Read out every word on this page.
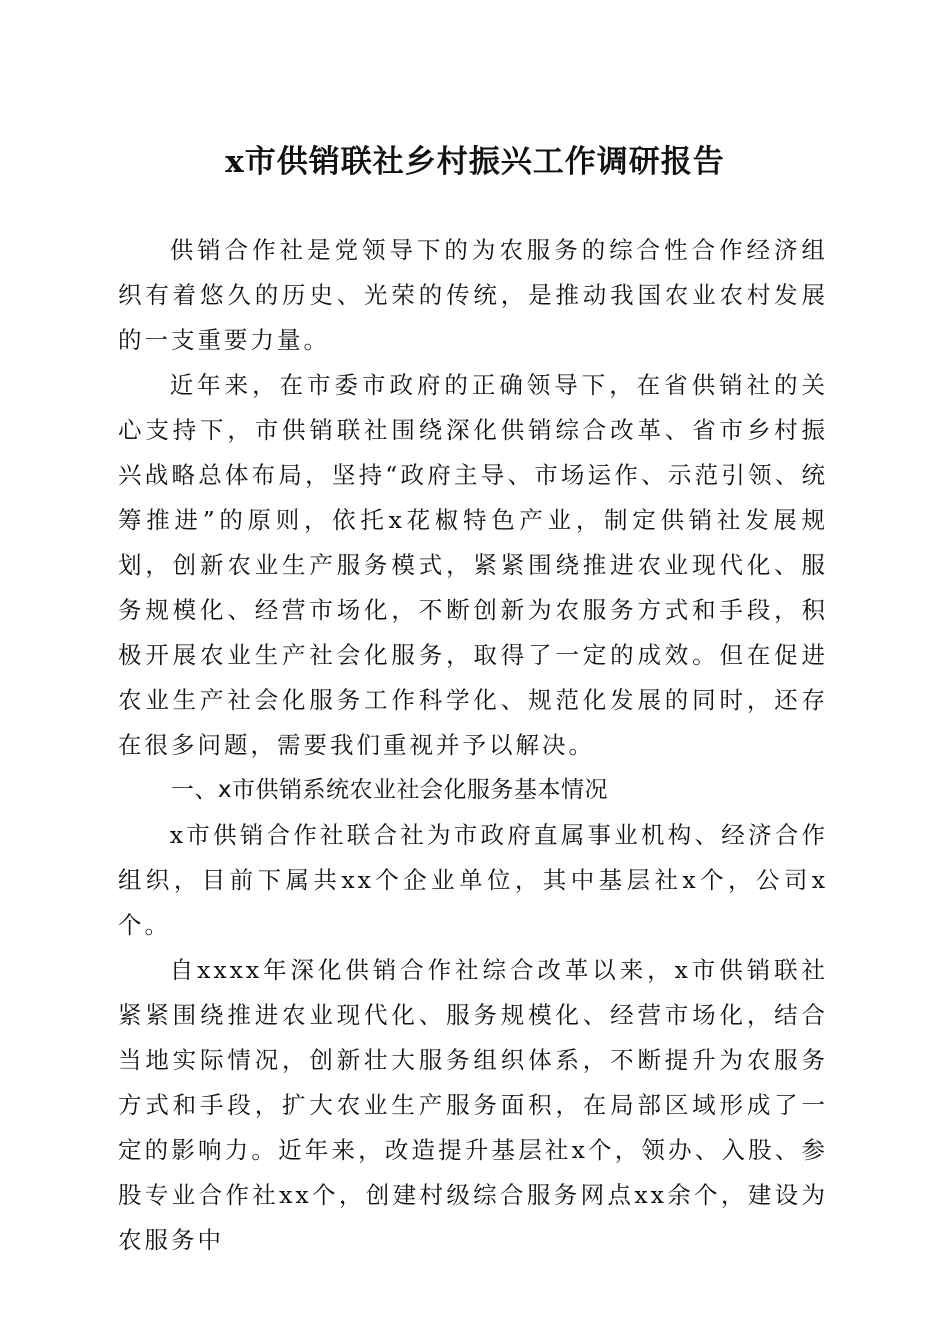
x市供销联社乡村振兴工作调研报告

供销合作社是党领导下的为农服务的综合性合作经济组织有着悠久的历史、光荣的传统，是推动我国农业农村发展的一支重要力量。

近年来，在市委市政府的正确领导下，在省供销社的关心支持下，市供销联社围绕深化供销综合改革、省市乡村振兴战略总体布局，坚持“政府主导、市场运作、示范引领、统筹推进”的原则，依托x花椒特色产业，制定供销社发展规划，创新农业生产服务模式，紧紧围绕推进农业现代化、服务规模化、经营市场化，不断创新为农服务方式和手段，积极开展农业生产社会化服务，取得了一定的成效。但在促进农业生产社会化服务工作科学化、规范化发展的同时，还存在很多问题，需要我们重视并予以解决。

一、x市供销系统农业社会化服务基本情况

x市供销合作社联合社为市政府直属事业机构、经济合作组织，目前下属共xx个企业单位，其中基层社x个，公司x个。

自xxxx年深化供销合作社综合改革以来，x市供销联社紧紧围绕推进农业现代化、服务规模化、经营市场化，结合当地实际情况，创新壮大服务组织体系，不断提升为农服务方式和手段，扩大农业生产服务面积，在局部区域形成了一定的影响力。近年来，改造提升基层社x个，领办、入股、参股专业合作社xx个，创建村级综合服务网点xx余个，建设为农服务中
